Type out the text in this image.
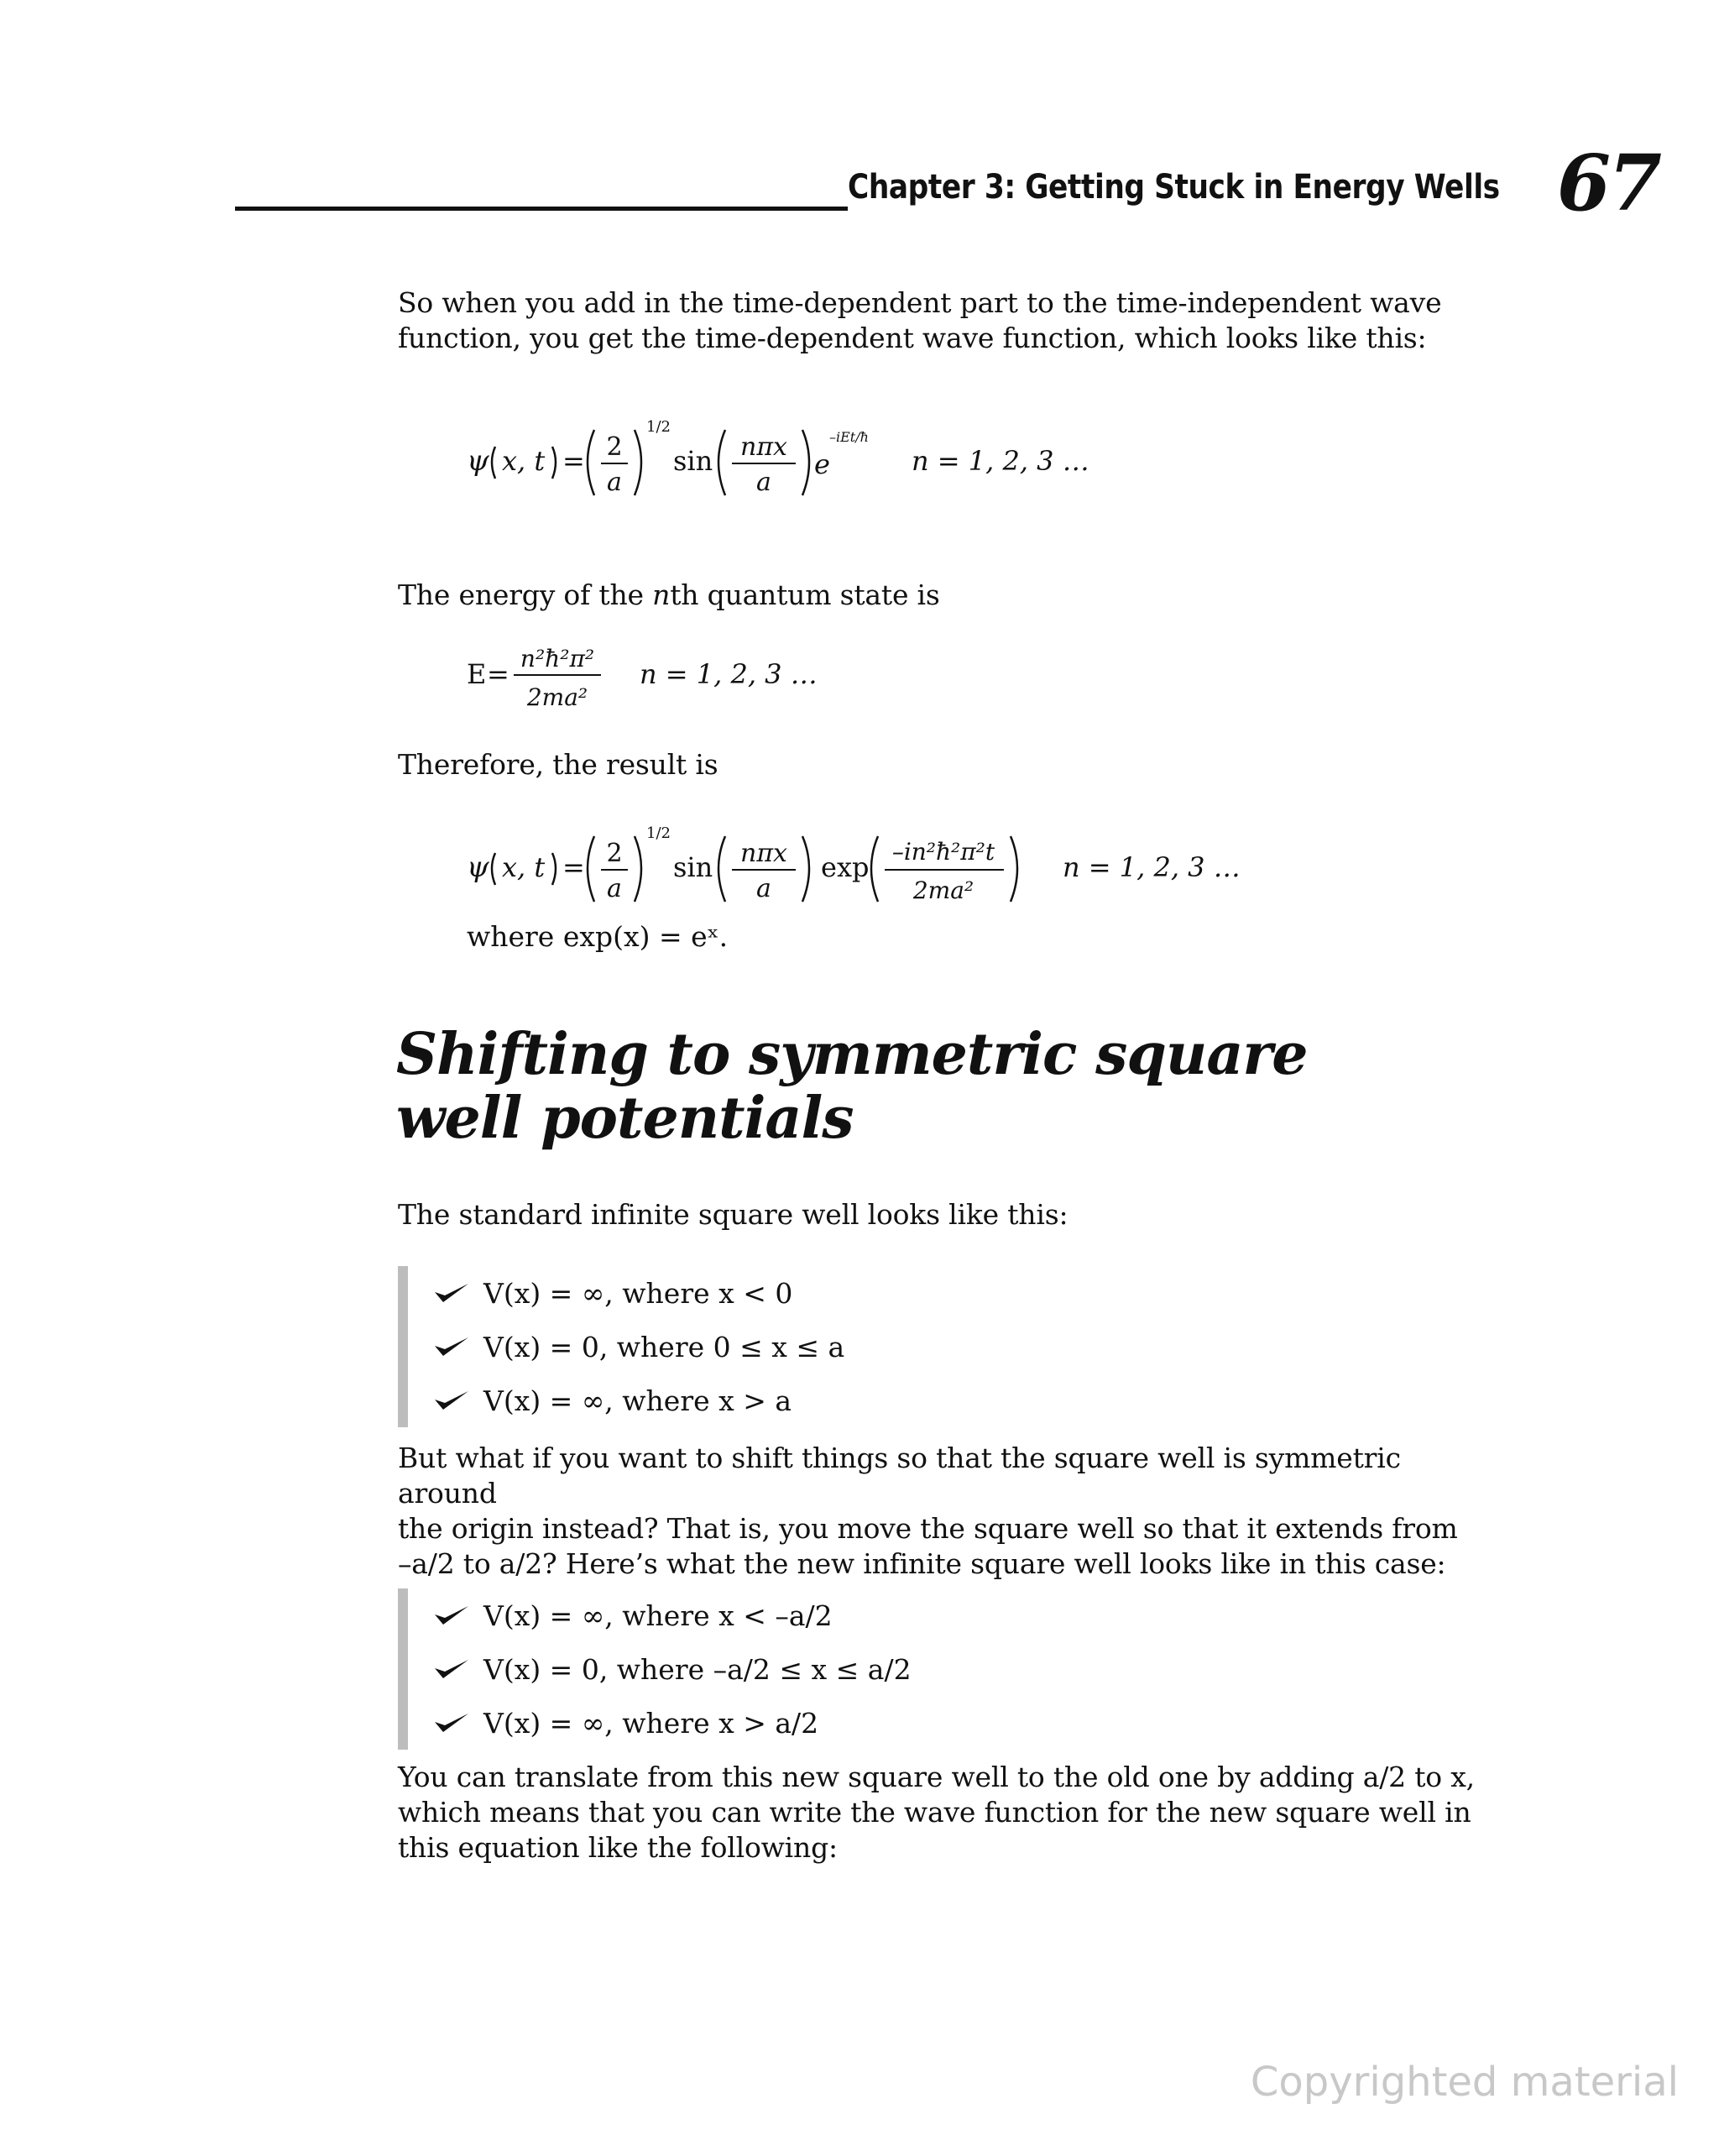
Chapter 3: Getting Stuck in Energy Wells 67
So when you add in the time-dependent part to the time-independent wave
function, you get the time-dependent wave function, which looks like this:
ψ x, t = 2
a
1/2
sin nπx
a
e
–iEt/ħ
n = 1, 2, 3 …

The energy of the nth quantum state is

E = n²ħ²π²
2ma²
n = 1, 2, 3 …
Therefore, the result is
ψ x, t = 2
a
1/2
sin nπx
a
exp –in²ħ²π²t
2ma²
n = 1, 2, 3 …
where exp(x) = eˣ.
Shifting to symmetric square
well potentials
The standard infinite square well looks like this:
V(x) = ∞, where x < 0
V(x) = 0, where 0 ≤ x ≤ a
V(x) = ∞, where x > a
But what if you want to shift things so that the square well is symmetric around
the origin instead? That is, you move the square well so that it extends from
–a/2 to a/2? Here’s what the new infinite square well looks like in this case:
V(x) = ∞, where x < –a/2
V(x) = 0, where –a/2 ≤ x ≤ a/2
V(x) = ∞, where x > a/2
You can translate from this new square well to the old one by adding a/2 to x,
which means that you can write the wave function for the new square well in
this equation like the following:
Copyrighted material
